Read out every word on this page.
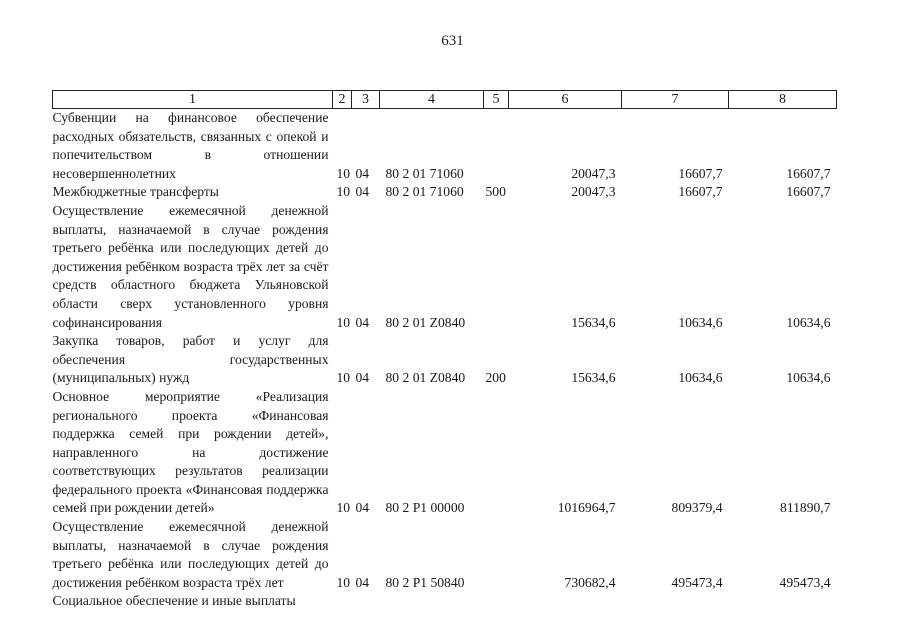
631
1	2	3	4	5	6	7	8
Субвенции на финансовое обеспечение расходных обязательств, связанных с опекой и попечительством в отношении несовершеннолетних	10	04	80 2 01 71060		20047,3	16607,7	16607,7
Межбюджетные трансферты	10	04	80 2 01 71060	500	20047,3	16607,7	16607,7
Осуществление ежемесячной денежной выплаты, назначаемой в случае рождения третьего ребёнка или последующих детей до достижения ребёнком возраста трёх лет за счёт средств областного бюджета Ульяновской области сверх установленного уровня софинансирования	10	04	80 2 01 Z0840		15634,6	10634,6	10634,6
Закупка товаров, работ и услуг для обеспечения государственных (муниципальных) нужд	10	04	80 2 01 Z0840	200	15634,6	10634,6	10634,6
Основное мероприятие «Реализация регионального проекта «Финансовая поддержка семей при рождении детей», направленного на достижение соответствующих результатов реализации федерального проекта «Финансовая поддержка семей при рождении детей»	10	04	80 2 P1 00000		1016964,7	809379,4	811890,7
Осуществление ежемесячной денежной выплаты, назначаемой в случае рождения третьего ребёнка или последующих детей до достижения ребёнком возраста трёх лет	10	04	80 2 P1 50840		730682,4	495473,4	495473,4
Социальное обеспечение и иные выплаты							
